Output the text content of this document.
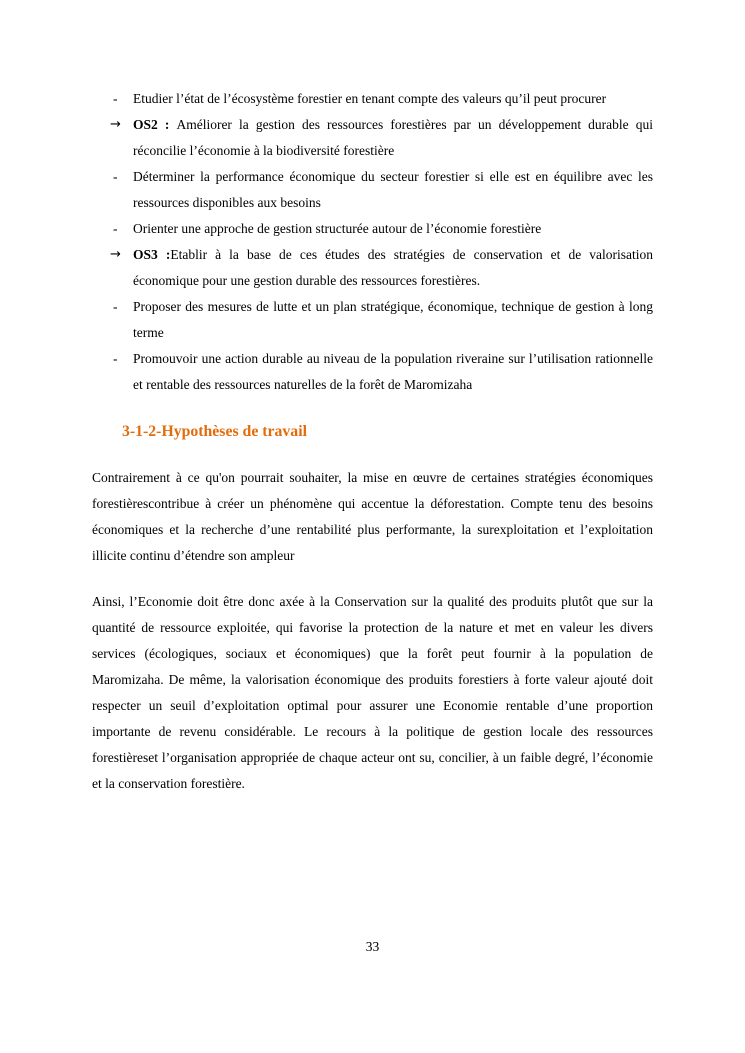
-	Etudier l’état de l’écosystème forestier en tenant compte des valeurs qu’il peut procurer
→ OS2 : Améliorer la gestion des ressources forestières par un développement durable qui réconcilie l’économie à la biodiversité forestière
-	Déterminer la performance économique du secteur forestier si elle est en équilibre avec les ressources disponibles aux besoins
-	Orienter une approche de gestion structurée autour de l’économie forestière
→ OS3 :Etablir à la base de ces études des stratégies de conservation et de valorisation économique pour une gestion durable des ressources forestières.
-	Proposer des mesures de lutte et un plan stratégique, économique, technique de gestion à long terme
-	Promouvoir une action durable au niveau de la population riveraine sur l’utilisation rationnelle et rentable des ressources naturelles de la forêt de Maromizaha
3-1-2-Hypothèses de travail

Contrairement à ce qu'on pourrait souhaiter, la mise en œuvre de certaines stratégies économiques forestièrescontribue à créer un phénomène qui accentue la déforestation. Compte tenu des besoins économiques et la recherche d’une rentabilité plus performante, la surexploitation et l’exploitation illicite continu d’étendre son ampleur

Ainsi, l’Economie doit être donc axée à la Conservation sur la qualité des produits plutôt que sur la quantité de ressource exploitée, qui favorise la protection de la nature et met en valeur les divers services (écologiques, sociaux et économiques) que la forêt peut fournir à la population de Maromizaha. De même, la valorisation économique des produits forestiers à forte valeur ajouté doit respecter un seuil d’exploitation optimal pour assurer une Economie rentable d’une proportion importante de revenu considérable. Le recours à la politique de gestion locale des ressources forestièreset l’organisation appropriée de chaque acteur ont su, concilier, à un faible degré, l’économie et la conservation forestière.

33
